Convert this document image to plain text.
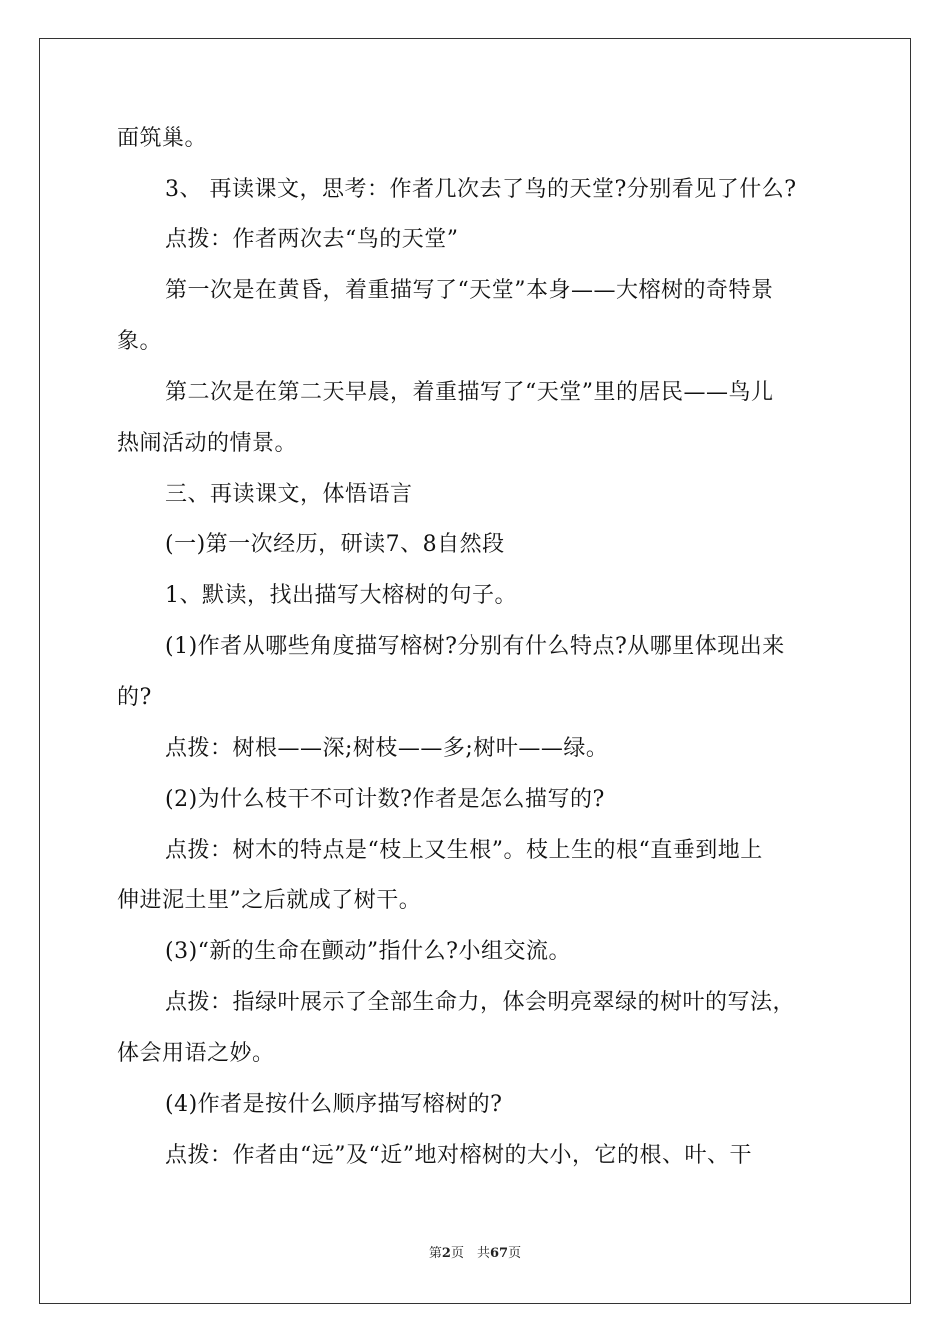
面筑巢。
3、 再读课文，思考：作者几次去了鸟的天堂?分别看见了什么?
点拨：作者两次去“鸟的天堂”
第一次是在黄昏，着重描写了“天堂”本身——大榕树的奇特景
象。
第二次是在第二天早晨，着重描写了“天堂”里的居民——鸟儿
热闹活动的情景。
三、再读课文，体悟语言
(一)第一次经历，研读7、8自然段
1、默读，找出描写大榕树的句子。
(1)作者从哪些角度描写榕树?分别有什么特点?从哪里体现出来
的?
点拨：树根——深;树枝——多;树叶——绿。
(2)为什么枝干不可计数?作者是怎么描写的?
点拨：树木的特点是“枝上又生根”。枝上生的根“直垂到地上
伸进泥土里”之后就成了树干。
(3)“新的生命在颤动”指什么?小组交流。
点拨：指绿叶展示了全部生命力，体会明亮翠绿的树叶的写法，
体会用语之妙。
(4)作者是按什么顺序描写榕树的?
点拨：作者由“远”及“近”地对榕树的大小，它的根、叶、干
第2页　共67页
